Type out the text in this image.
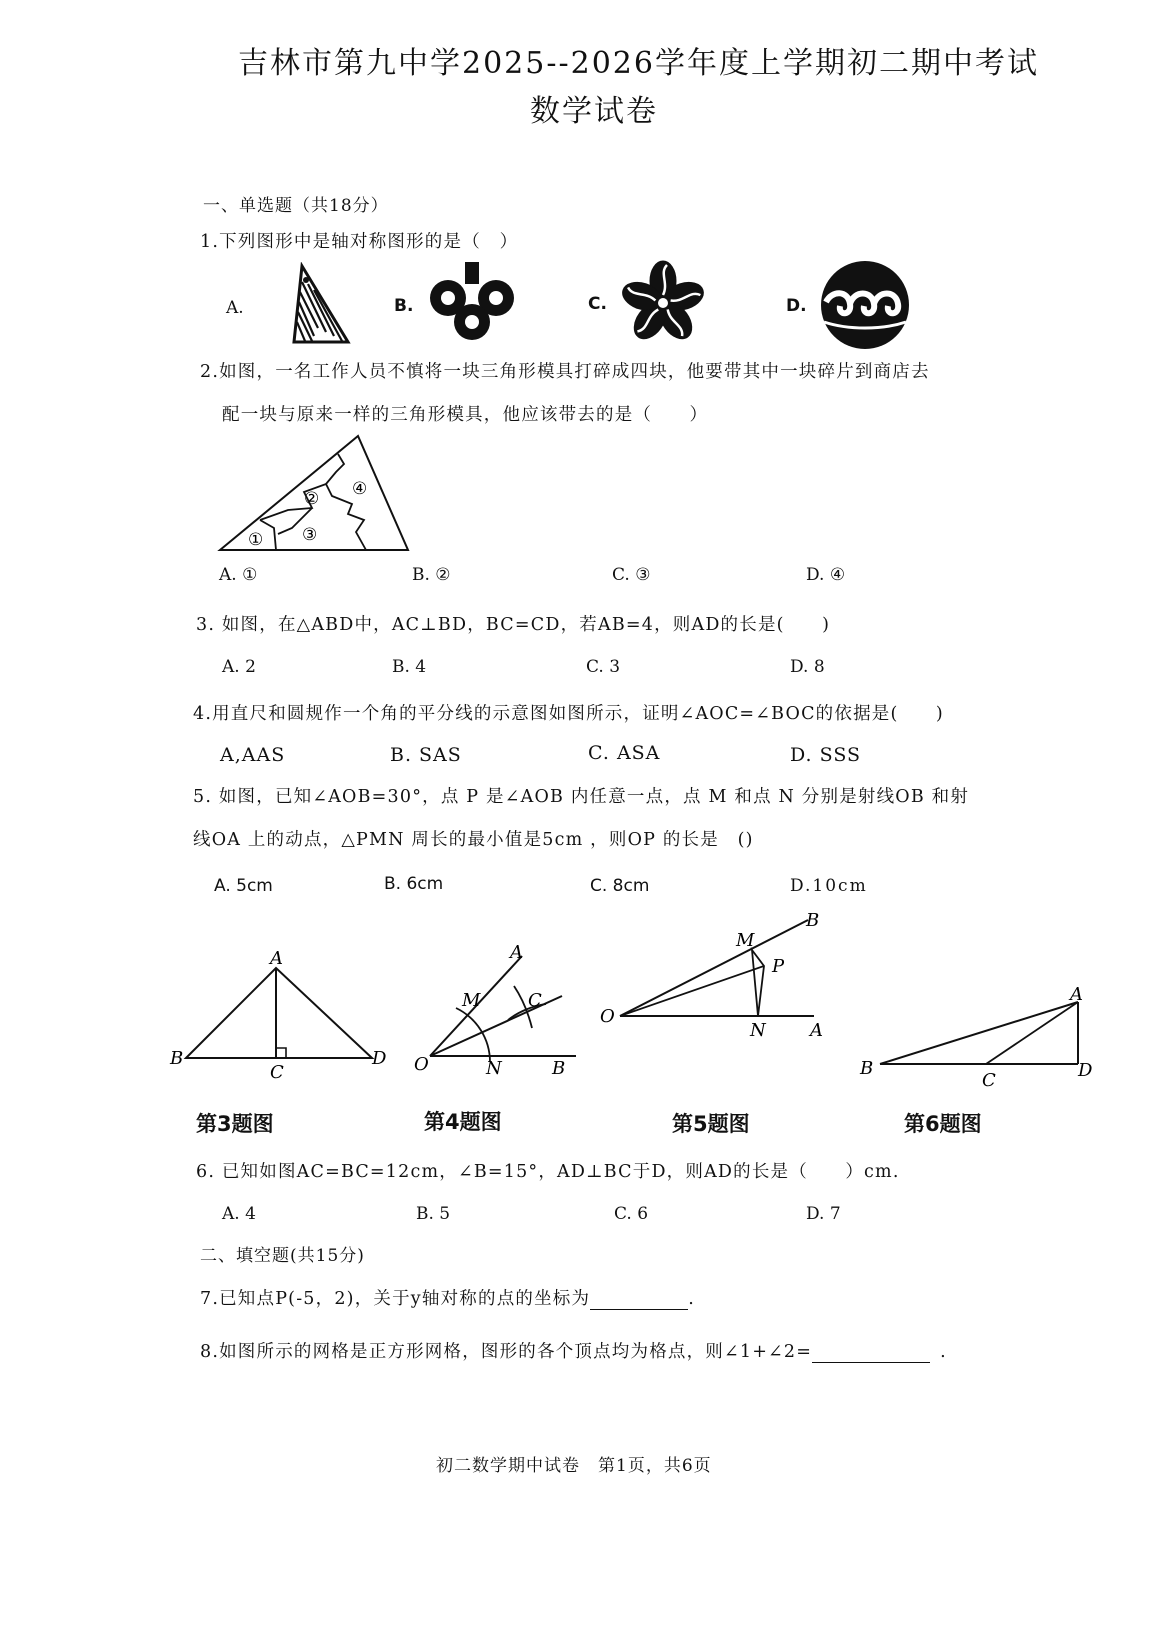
吉林市第九中学2025--2026学年度上学期初二期中考试
数学试卷
一、单选题（共18分）
1.下列图形中是轴对称图形的是（　）
A.	B.	C.	D.
2.如图，一名工作人员不慎将一块三角形模具打碎成四块，他要带其中一块碎片到商店去
配一块与原来一样的三角形模具，他应该带去的是（　　）
①
②
③
④
A. ①	B. ②	C. ③	D. ④
3. 如图，在△ABD中，AC⊥BD，BC=CD，若AB=4，则AD的长是(　　)
A. 2	B. 4	C. 3	D. 8
4.用直尺和圆规作一个角的平分线的示意图如图所示，证明∠AOC=∠BOC的依据是(　　)
A,AAS	B. SAS	C. ASA	D. SSS
5. 如图，已知∠AOB=30°，点 P 是∠AOB 内任意一点，点 M 和点 N 分别是射线OB 和射
线OA 上的动点，△PMN 周长的最小值是5cm ，则OP 的长是　()
A. 5cm	B. 6cm	C. 8cm	D.10cm
A
B
C
D
A
M	C
O	N	B
B
M
P
O
N A
A
B
C	D
第3题图	第4题图	第5题图	第6题图
6. 已知如图AC=BC=12cm，∠B=15°，AD⊥BC于D，则AD的长是（　　）cm.
A. 4	B. 5	C. 6	D. 7
二、填空题(共15分)
7.已知点P(-5，2)，关于y轴对称的点的坐标为	.
8.如图所示的网格是正方形网格，图形的各个顶点均为格点，则∠1+∠2=	.
初二数学期中试卷　第1页，共6页
